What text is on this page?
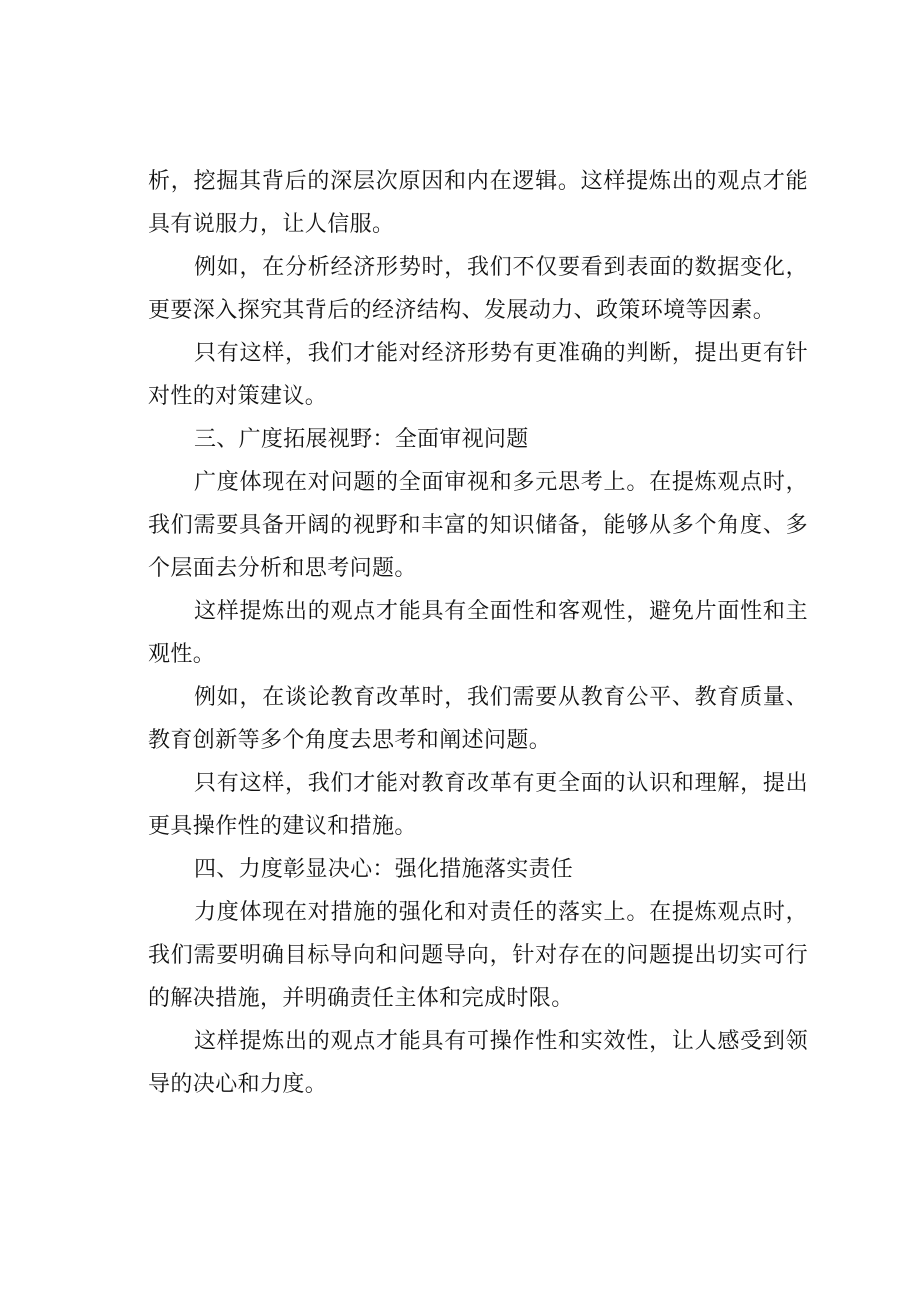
析，挖掘其背后的深层次原因和内在逻辑。这样提炼出的观点才能具有说服力，让人信服。

例如，在分析经济形势时，我们不仅要看到表面的数据变化，更要深入探究其背后的经济结构、发展动力、政策环境等因素。

只有这样，我们才能对经济形势有更准确的判断，提出更有针对性的对策建议。

三、广度拓展视野：全面审视问题

广度体现在对问题的全面审视和多元思考上。在提炼观点时，我们需要具备开阔的视野和丰富的知识储备，能够从多个角度、多个层面去分析和思考问题。

这样提炼出的观点才能具有全面性和客观性，避免片面性和主观性。

例如，在谈论教育改革时，我们需要从教育公平、教育质量、教育创新等多个角度去思考和阐述问题。

只有这样，我们才能对教育改革有更全面的认识和理解，提出更具操作性的建议和措施。

四、力度彰显决心：强化措施落实责任

力度体现在对措施的强化和对责任的落实上。在提炼观点时，我们需要明确目标导向和问题导向，针对存在的问题提出切实可行的解决措施，并明确责任主体和完成时限。

这样提炼出的观点才能具有可操作性和实效性，让人感受到领导的决心和力度。
